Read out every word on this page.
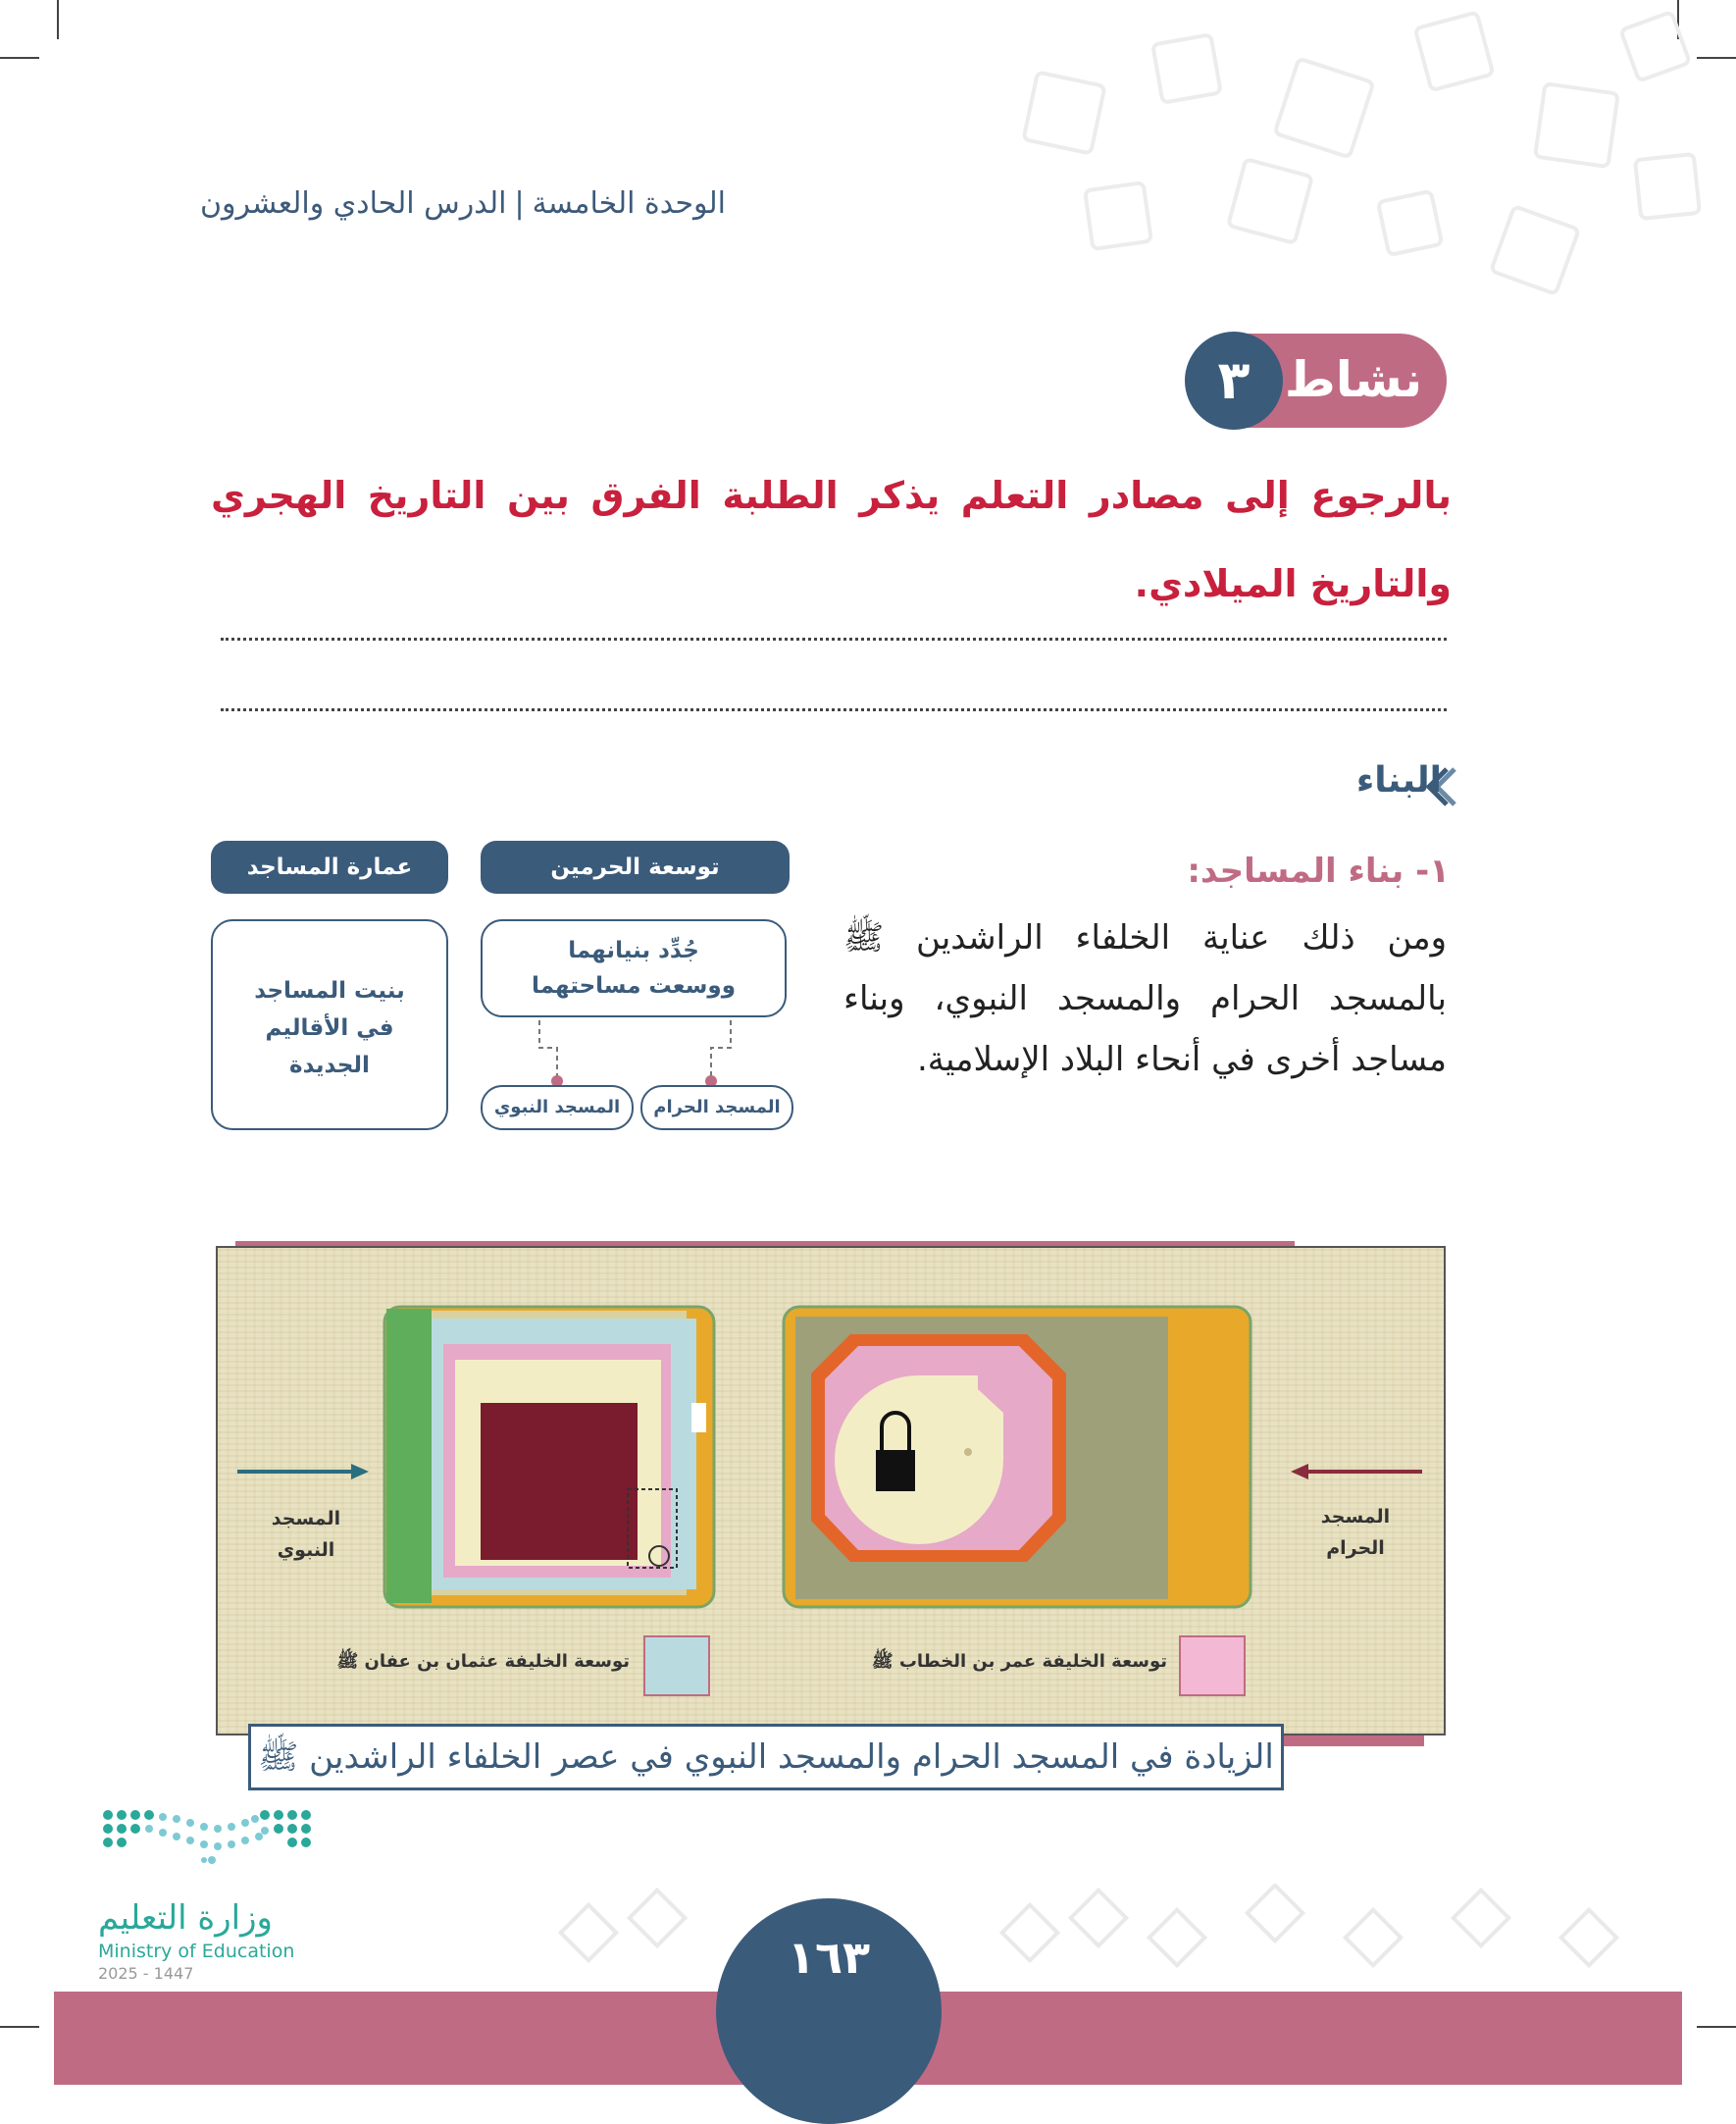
الوحدة الخامسة|الدرس الحادي والعشرون
نشاط
٣
بالرجوع إلى مصادر التعلم يذكر الطلبة الفرق بين التاريخ الهجري والتاريخ الميلادي.
البناء
١- بناء المساجد:
ومن ذلك عناية الخلفاء الراشدين ﷺ بالمسجد الحرام والمسجد النبوي، وبناء مساجد أخرى في أنحاء البلاد الإسلامية.
توسعة الحرمين
جُدِّد بنيانهما
ووسعت مساحتهما
المسجد الحرام
المسجد النبوي
عمارة المساجد
بنيت المساجد
في الأقاليم
الجديدة
المسجد
النبوي
المسجد
الحرام
توسعة الخليفة عثمان بن عفان ﷺ	توسعة الخليفة عمر بن الخطاب ﷺ
الزيادة في المسجد الحرام والمسجد النبوي في عصر الخلفاء الراشدين ﷺ
١٦٣
وزارة التعليم
Ministry of Education
2025 - 1447
